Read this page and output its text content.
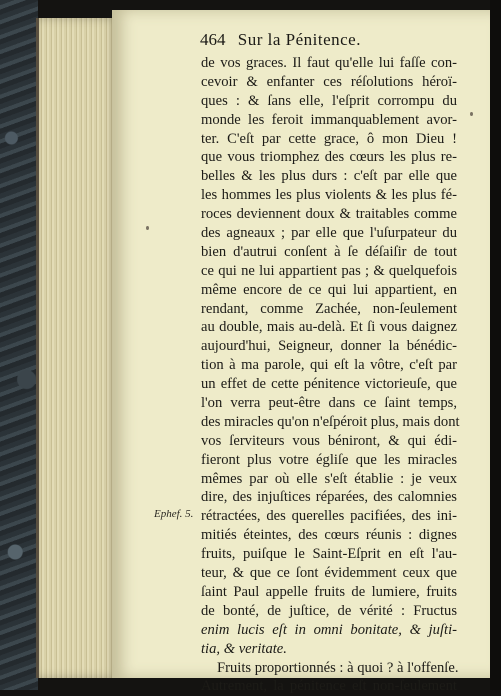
464 Sur la Pénitence.
Ephef. 5.
de vos graces. Il faut qu'elle lui faſſe con-
cevoir & enfanter ces réſolutions héroï-
ques : & ſans elle, l'eſprit corrompu du
monde les feroit immanquablement avor-
ter. C'eſt par cette grace, ô mon Dieu !
que vous triomphez des cœurs les plus re-
belles & les plus durs : c'eſt par elle que
les hommes les plus violents & les plus fé-
roces deviennent doux & traitables comme
des agneaux ; par elle que l'uſurpateur du
bien d'autrui conſent à ſe déſaiſir de tout
ce qui ne lui appartient pas ; & quelquefois
même encore de ce qui lui appartient, en
rendant, comme Zachée, non-ſeulement
au double, mais au-delà. Et ſi vous daignez
aujourd'hui, Seigneur, donner la bénédic-
tion à ma parole, qui eſt la vôtre, c'eſt par
un effet de cette pénitence victorieuſe, que
l'on verra peut-être dans ce ſaint temps,
des miracles qu'on n'eſpéroit plus, mais dont
vos ſerviteurs vous béniront, & qui édi-
fieront plus votre égliſe que les miracles
mêmes par où elle s'eſt établie : je veux
dire, des injuſtices réparées, des calomnies
rétractées, des querelles pacifiées, des ini-
mitiés éteintes, des cœurs réunis : dignes
fruits, puiſque le Saint-Eſprit en eſt l'au-
teur, & que ce ſont évidemment ceux que
ſaint Paul appelle fruits de lumiere, fruits
de bonté, de juſtice, de vérité : Fructus
enim lucis eſt in omni bonitate, & juſti-
tia, & veritate.
Fruits proportionnés : à quoi ? à l'offenſe.
Autrement, la pénitence eſt non-ſeulement
